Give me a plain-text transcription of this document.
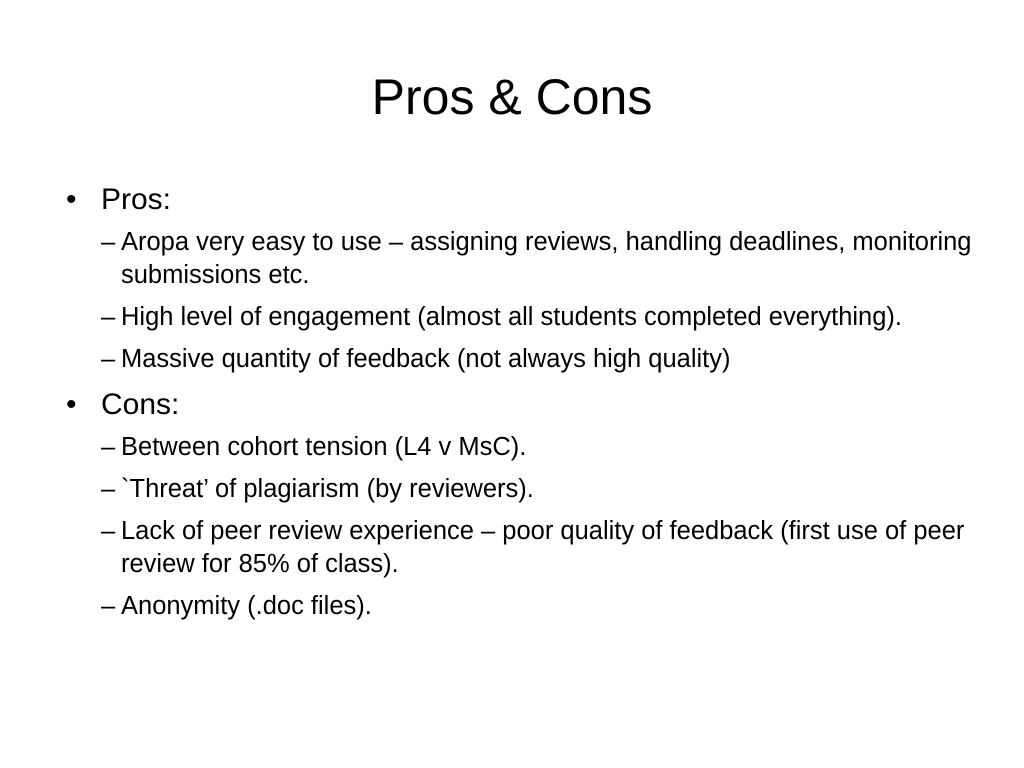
Pros & Cons
• Pros:
– Aropa very easy to use – assigning reviews, handling deadlines, monitoring submissions etc.
– High level of engagement (almost all students completed everything).
– Massive quantity of feedback (not always high quality)
• Cons:
– Between cohort tension (L4 v MsC).
– `Threat’ of plagiarism (by reviewers).
– Lack of peer review experience – poor quality of feedback (first use of peer review for 85% of class).
– Anonymity (.doc files).
